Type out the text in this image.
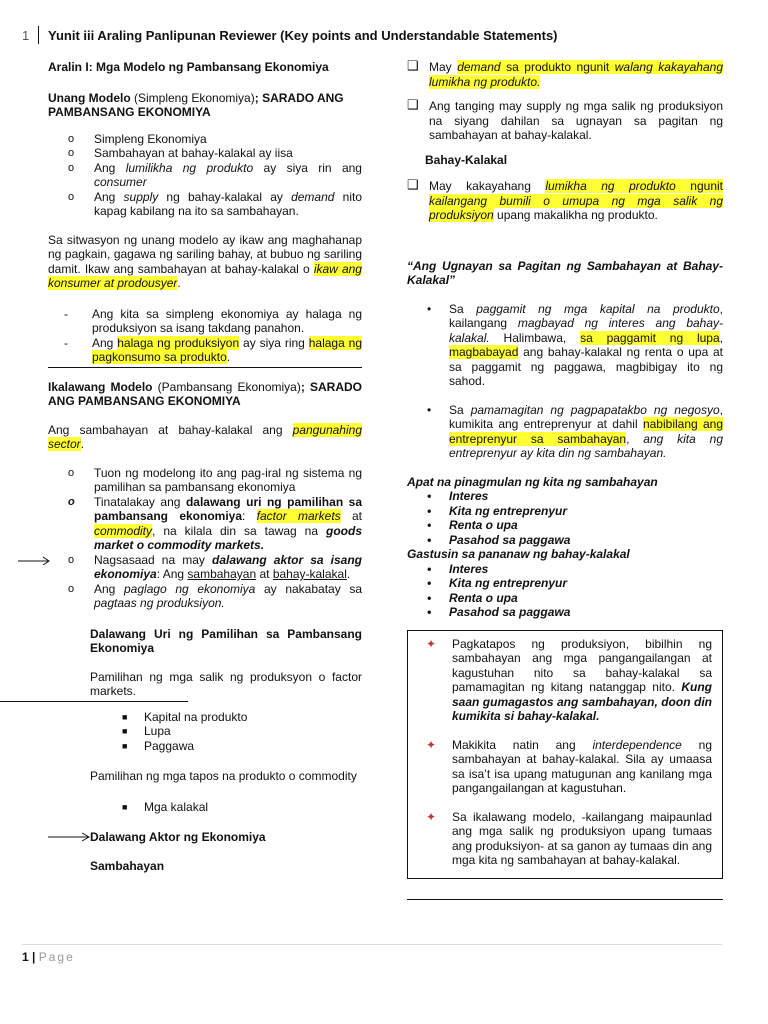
1 Yunit iii Araling Panlipunan Reviewer (Key points and Understandable Statements)

Aralin I: Mga Modelo ng Pambansang Ekonomiya

Unang Modelo (Simpleng Ekonomiya); SARADO ANG PAMBANSANG EKONOMIYA

o	Simpleng Ekonomiya
o	Sambahayan at bahay-kalakal ay iisa
o	Ang lumilikha ng produkto ay siya rin ang consumer
o	Ang supply ng bahay-kalakal ay demand nito kapag kabilang na ito sa sambahayan.

Sa sitwasyon ng unang modelo ay ikaw ang maghahanap ng pagkain, gagawa ng sariling bahay, at bubuo ng sariling damit. Ikaw ang sambahayan at bahay-kalakal o ikaw ang konsumer at prodousyer.

-	Ang kita sa simpleng ekonomiya ay halaga ng produksiyon sa isang takdang panahon.
-	Ang halaga ng produksiyon ay siya ring halaga ng pagkonsumo sa produkto.

Ikalawang Modelo (Pambansang Ekonomiya); SARADO ANG PAMBANSANG EKONOMIYA

Ang sambahayan at bahay-kalakal ang pangunahing sector.

o	Tuon ng modelong ito ang pag-iral ng sistema ng pamilihan sa pambansang ekonomiya
o	Tinatalakay ang dalawang uri ng pamilihan sa pambansang ekonomiya: factor markets at commodity, na kilala din sa tawag na goods market o commodity markets.
o	Nagsasaad na may dalawang aktor sa isang ekonomiya: Ang sambahayan at bahay-kalakal.
o	Ang paglago ng ekonomiya ay nakabatay sa pagtaas ng produksiyon.

Dalawang Uri ng Pamilihan sa Pambansang Ekonomiya

Pamilihan ng mga salik ng produksyon o factor markets.

■	Kapital na produkto
■	Lupa
■	Paggawa

Pamilihan ng mga tapos na produkto o commodity

■	Mga kalakal
Dalawang Aktor ng Ekonomiya

Sambahayan

❑ May demand sa produkto ngunit walang kakayahang lumikha ng produkto.
❑ Ang tanging may supply ng mga salik ng produksiyon na siyang dahilan sa ugnayan sa pagitan ng sambahayan at bahay-kalakal.

Bahay-Kalakal

❑ May kakayahang lumikha ng produkto ngunit kailangang bumili o umupa ng mga salik ng produksiyon upang makalikha ng produkto.

“Ang Ugnayan sa Pagitan ng Sambahayan at Bahay-Kalakal”

•	Sa paggamit ng mga kapital na produkto, kailangang magbayad ng interes ang bahay-kalakal. Halimbawa, sa paggamit ng lupa, magbabayad ang bahay-kalakal ng renta o upa at sa paggamit ng paggawa, magbibigay ito ng sahod.
•	Sa pamamagitan ng pagpapatakbo ng negosyo, kumikita ang entreprenyur at dahil nabibilang ang entreprenyur sa sambahayan, ang kita ng entreprenyur ay kita din ng sambahayan.

Apat na pinagmulan ng kita ng sambahayan

•	Interes
•	Kita ng entreprenyur
•	Renta o upa
•	Pasahod sa paggawa

Gastusin sa pananaw ng bahay-kalakal

•	Interes
•	Kita ng entreprenyur
•	Renta o upa
•	Pasahod sa paggawa
✦	Pagkatapos ng produksiyon, bibilhin ng sambahayan ang mga pangangailangan at kagustuhan nito sa bahay-kalakal sa pamamagitan ng kitang natanggap nito. Kung saan gumagastos ang sambahayan, doon din kumikita si bahay-kalakal.
✦	Makikita natin ang interdependence ng sambahayan at bahay-kalakal. Sila ay umaasa sa isa’t isa upang matugunan ang kanilang mga pangangailangan at kagustuhan.
✦	Sa ikalawang modelo, -kailangang maipaunlad ang mga salik ng produksiyon upang tumaas ang produksiyon- at sa ganon ay tumaas din ang mga kita ng sambahayan at bahay-kalakal.
1 | Page
